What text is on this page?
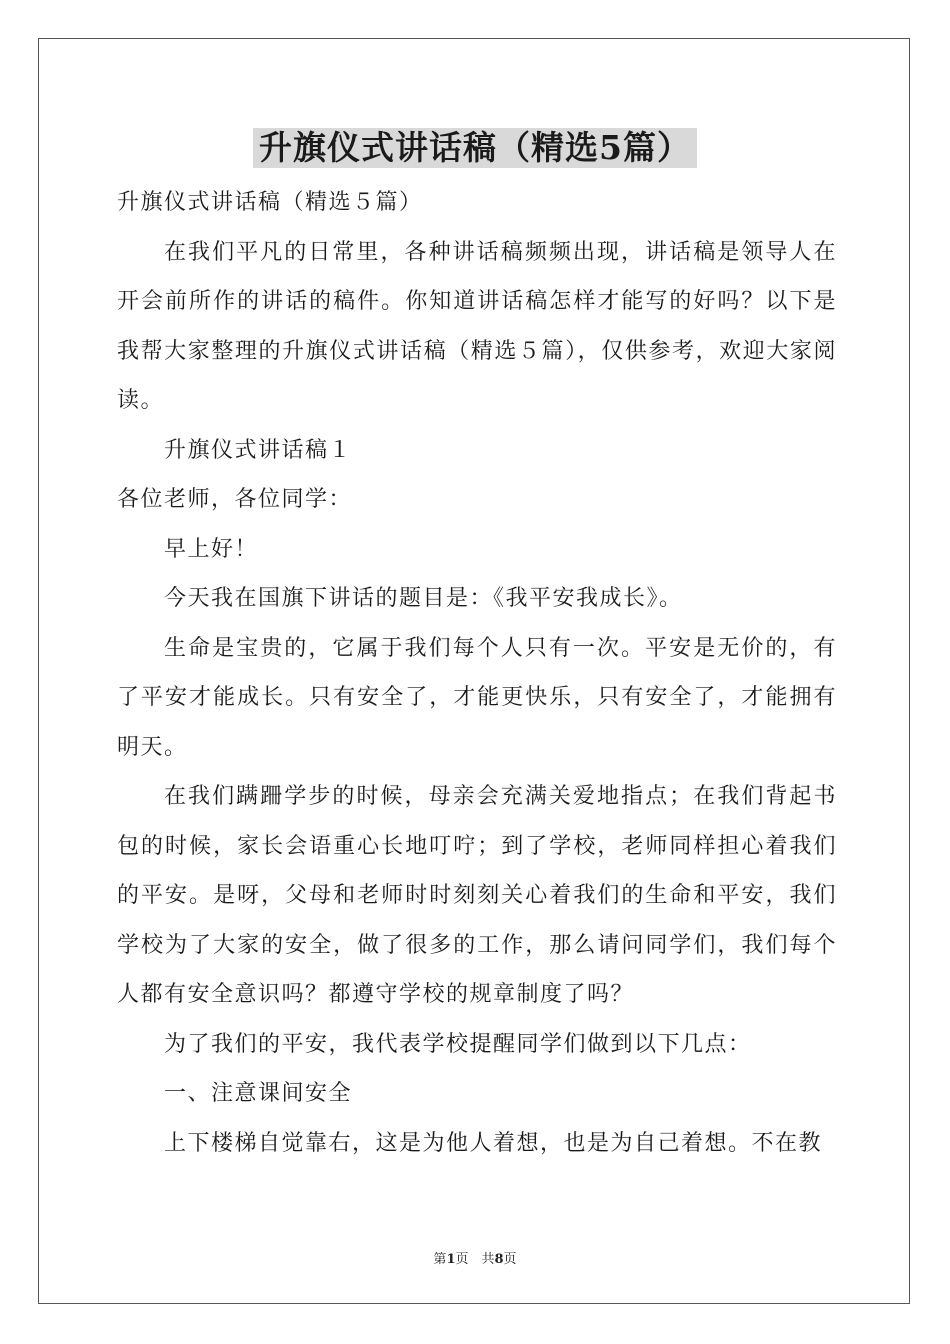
升旗仪式讲话稿（精选5篇）

升旗仪式讲话稿（精选５篇）

在我们平凡的日常里，各种讲话稿频频出现，讲话稿是领导人在开会前所作的讲话的稿件。你知道讲话稿怎样才能写的好吗？以下是我帮大家整理的升旗仪式讲话稿（精选５篇），仅供参考，欢迎大家阅读。

升旗仪式讲话稿１

各位老师，各位同学：

早上好！

今天我在国旗下讲话的题目是：《我平安我成长》。

生命是宝贵的，它属于我们每个人只有一次。平安是无价的，有了平安才能成长。只有安全了，才能更快乐，只有安全了，才能拥有明天。

在我们蹒跚学步的时候，母亲会充满关爱地指点；在我们背起书包的时候，家长会语重心长地叮咛；到了学校，老师同样担心着我们的平安。是呀，父母和老师时时刻刻关心着我们的生命和平安，我们学校为了大家的安全，做了很多的工作，那么请问同学们，我们每个人都有安全意识吗？都遵守学校的规章制度了吗？

为了我们的平安，我代表学校提醒同学们做到以下几点：

一、注意课间安全

上下楼梯自觉靠右，这是为他人着想，也是为自己着想。不在教

第1页　共8页
